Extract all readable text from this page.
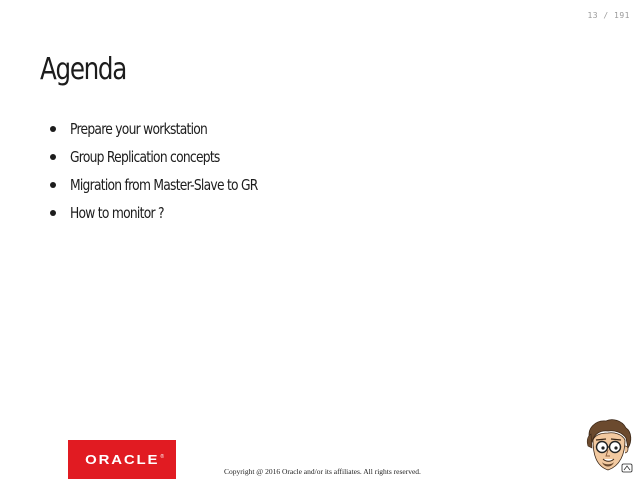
13 / 191
Agenda
Prepare your workstation
Group Replication concepts
Migration from Master-Slave to GR
How to monitor ?
ORACLE ®
Copyright @ 2016 Oracle and/or its affiliates. All rights reserved.
